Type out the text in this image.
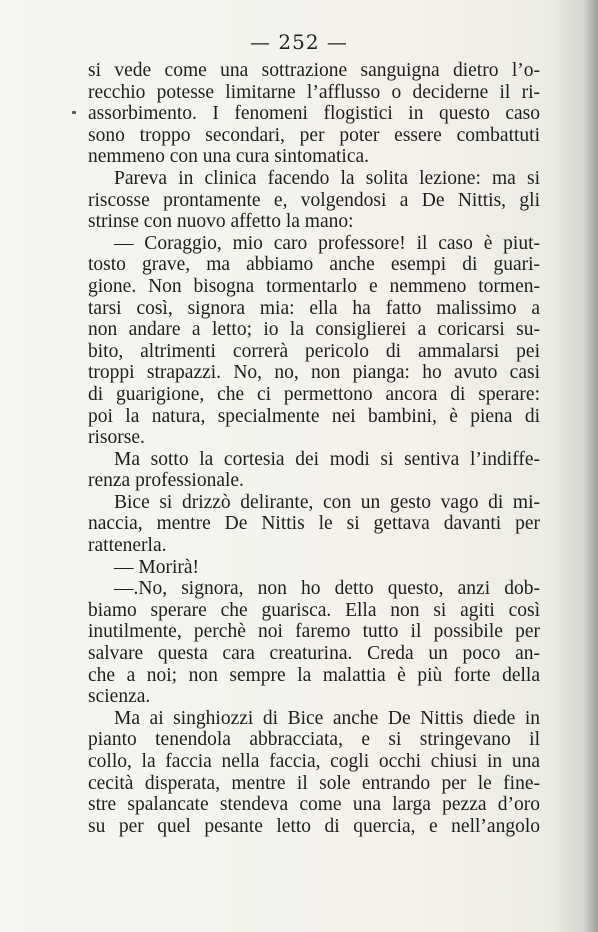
— 252 —
si vede come una sottrazione sanguigna dietro l’o-
recchio potesse limitarne l’afflusso o deciderne il ri-
assorbimento. I fenomeni flogistici in questo caso
sono troppo secondari, per poter essere combattuti
nemmeno con una cura sintomatica.
Pareva in clinica facendo la solita lezione: ma si
riscosse prontamente e, volgendosi a De Nittis, gli
strinse con nuovo affetto la mano:
— Coraggio, mio caro professore! il caso è piut-
tosto grave, ma abbiamo anche esempi di guari-
gione. Non bisogna tormentarlo e nemmeno tormen-
tarsi così, signora mia: ella ha fatto malissimo a
non andare a letto; io la consiglierei a coricarsi su-
bito, altrimenti correrà pericolo di ammalarsi pei
troppi strapazzi. No, no, non pianga: ho avuto casi
di guarigione, che ci permettono ancora di sperare:
poi la natura, specialmente nei bambini, è piena di
risorse.
Ma sotto la cortesia dei modi si sentiva l’indiffe-
renza professionale.
Bice si drizzò delirante, con un gesto vago di mi-
naccia, mentre De Nittis le si gettava davanti per
rattenerla.
— Morirà!
—.No, signora, non ho detto questo, anzi dob-
biamo sperare che guarisca. Ella non si agiti così
inutilmente, perchè noi faremo tutto il possibile per
salvare questa cara creaturina. Creda un poco an-
che a noi; non sempre la malattia è più forte della
scienza.
Ma ai singhiozzi di Bice anche De Nittis diede in
pianto tenendola abbracciata, e si stringevano il
collo, la faccia nella faccia, cogli occhi chiusi in una
cecità disperata, mentre il sole entrando per le fine-
stre spalancate stendeva come una larga pezza d’oro
su per quel pesante letto di quercia, e nell’angolo
